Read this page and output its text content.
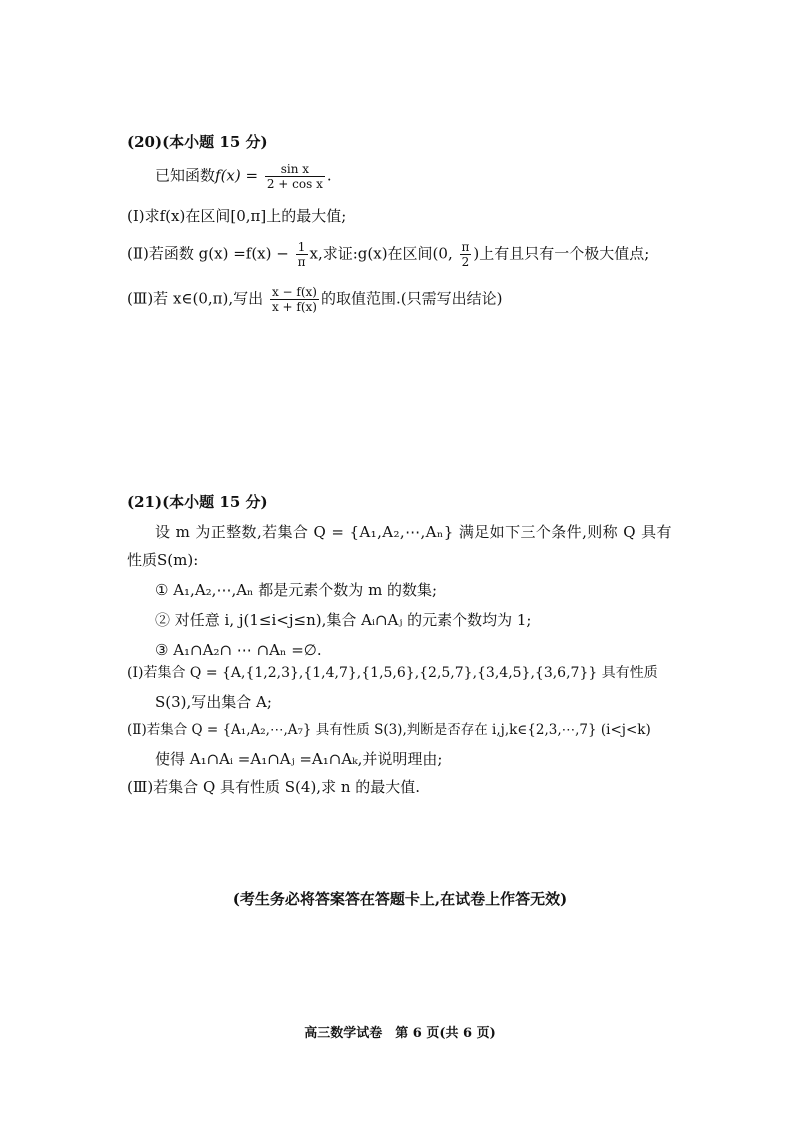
(20)(本小题 15 分)
已知函数$f(x) = \frac{\text{sin x}}{\text{2 + cos x}}$ .
(Ⅰ)求f(x)在区间[0,π]上的最大值;
(Ⅱ)若函数 $g(x) =f(x) - \frac{1}{\pi} x$,求证:g(x)在区间(0, $\frac{\pi}{2}$ )上有且只有一个极大值点;
(Ⅲ)若 x∈(0,π),写出 $\frac{x - f(x)}{x + f(x)}$ 的取值范围.(只需写出结论)
(21)(本小题 15 分)
设 m 为正整数,若集合 Q = {A₁,A₂,⋯,Aₙ} 满足如下三个条件,则称 Q 具有
性质S(m):
① A₁,A₂,⋯,Aₙ 都是元素个数为 m 的数集;
② 对任意 i, j(1≤i<j≤n),集合 Aᵢ∩Aⱼ 的元素个数均为 1;
③ A₁∩A₂∩ ⋯ ∩Aₙ =∅.
(Ⅰ)若集合 Q = {A,{1,2,3},{1,4,7},{1,5,6},{2,5,7},{3,4,5},{3,6,7}} 具有性质
S(3),写出集合 A;
(Ⅱ)若集合 Q = {A₁,A₂,⋯,A₇} 具有性质 S(3),判断是否存在 i,j,k∈{2,3,⋯,7} (i<j<k)
使得 A₁∩Aᵢ =A₁∩Aⱼ =A₁∩Aₖ,并说明理由;
(Ⅲ)若集合 Q 具有性质 S(4),求 n 的最大值.
(考生务必将答案答在答题卡上,在试卷上作答无效)
高三数学试卷　第 6 页(共 6 页)
